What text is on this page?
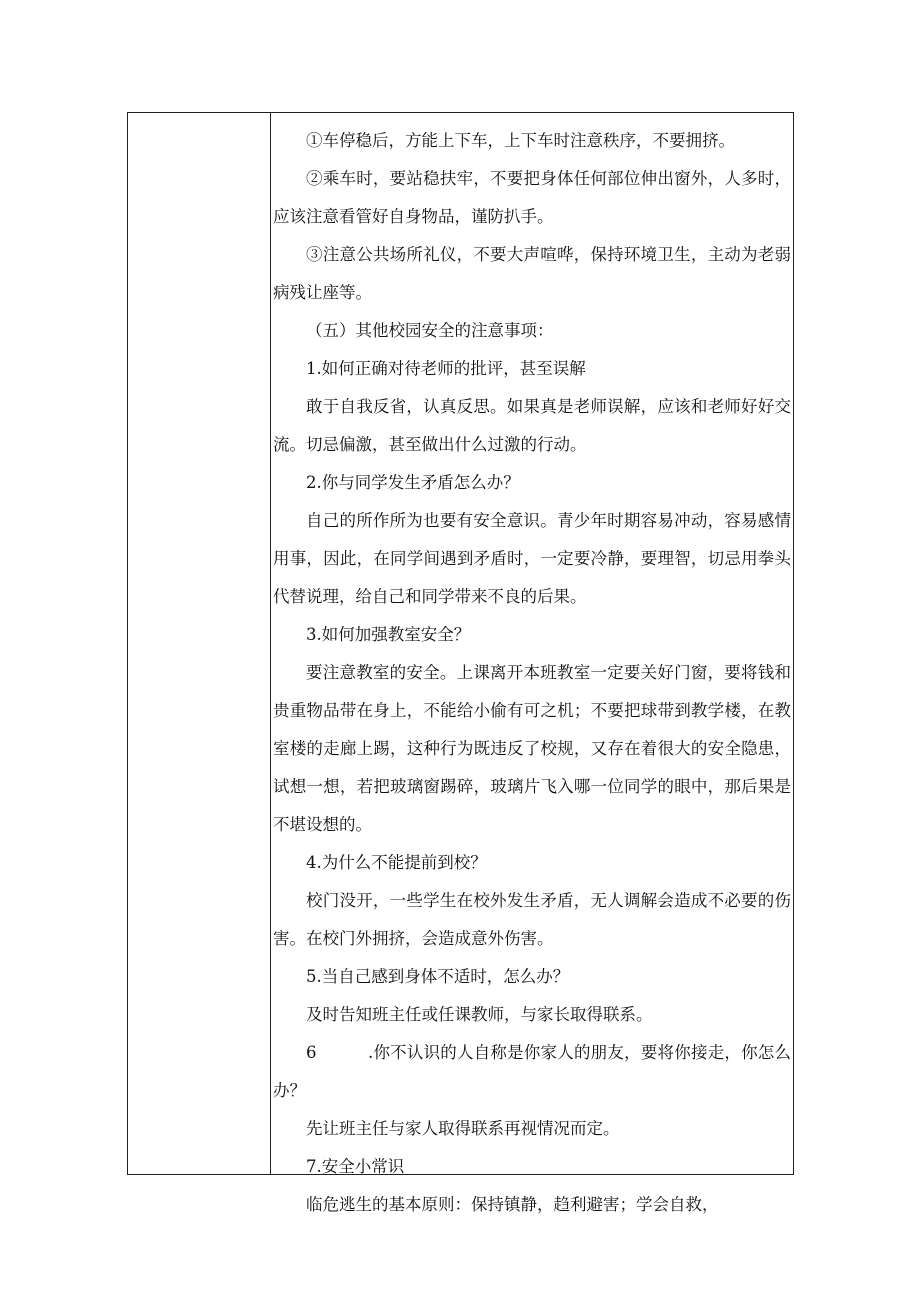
①车停稳后，方能上下车，上下车时注意秩序，不要拥挤。

②乘车时，要站稳扶牢，不要把身体任何部位伸出窗外，人多时，应该注意看管好自身物品，谨防扒手。

③注意公共场所礼仪，不要大声喧哗，保持环境卫生，主动为老弱病残让座等。

（五）其他校园安全的注意事项：

1.如何正确对待老师的批评，甚至误解

敢于自我反省，认真反思。如果真是老师误解，应该和老师好好交流。切忌偏激，甚至做出什么过激的行动。

2.你与同学发生矛盾怎么办？

自己的所作所为也要有安全意识。青少年时期容易冲动，容易感情用事，因此，在同学间遇到矛盾时，一定要冷静，要理智，切忌用拳头代替说理，给自己和同学带来不良的后果。

3.如何加强教室安全？

要注意教室的安全。上课离开本班教室一定要关好门窗，要将钱和贵重物品带在身上，不能给小偷有可之机；不要把球带到教学楼，在教室楼的走廊上踢，这种行为既违反了校规，又存在着很大的安全隐患，试想一想，若把玻璃窗踢碎，玻璃片飞入哪一位同学的眼中，那后果是不堪设想的。

4.为什么不能提前到校？

校门没开，一些学生在校外发生矛盾，无人调解会造成不必要的伤害。在校门外拥挤，会造成意外伤害。

5.当自己感到身体不适时，怎么办？

及时告知班主任或任课教师，与家长取得联系。

6	.你不认识的人自称是你家人的朋友，要将你接走，你怎么办？

先让班主任与家人取得联系再视情况而定。

7.安全小常识

临危逃生的基本原则：保持镇静，趋利避害；学会自救，
